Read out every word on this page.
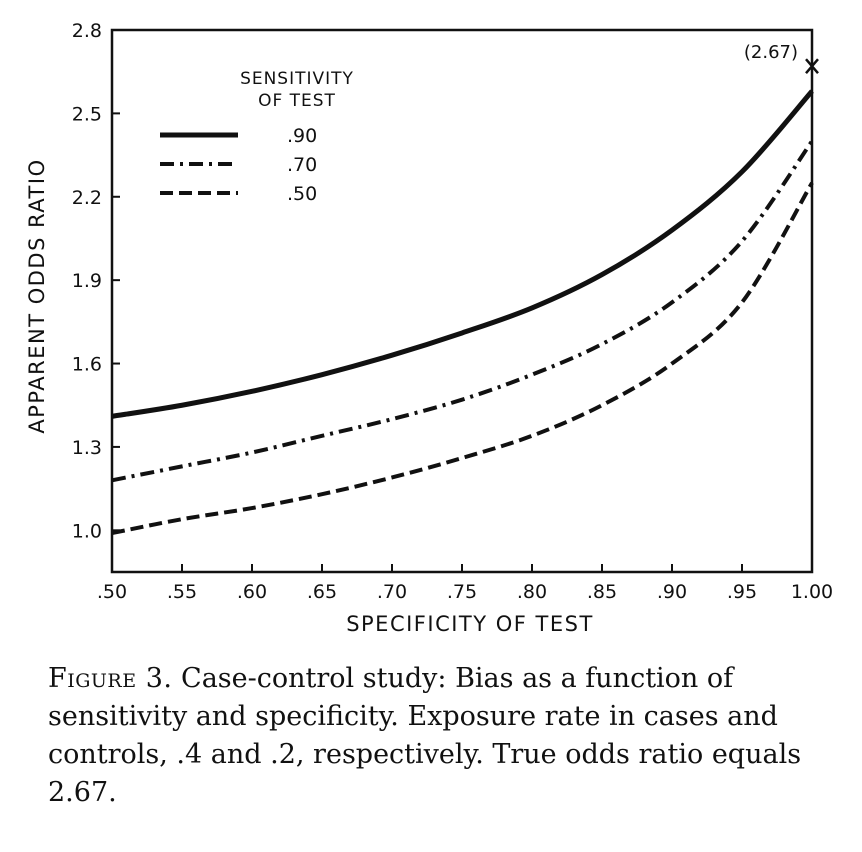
.50 .55 .60 .65 .70 .75 .80 .85 .90 .95 1.00
1.0
1.3
1.6
1.9
2.2
2.5
2.8
SENSITIVITY
OF TEST
.90
.70
.50
(2.67)
SPECIFICITY OF TEST
APPARENT ODDS RATIO
Figure 3. Case-control study: Bias as a function of sensitivity and specificity. Exposure rate in cases and controls, .4 and .2, respectively. True odds ratio equals 2.67.
